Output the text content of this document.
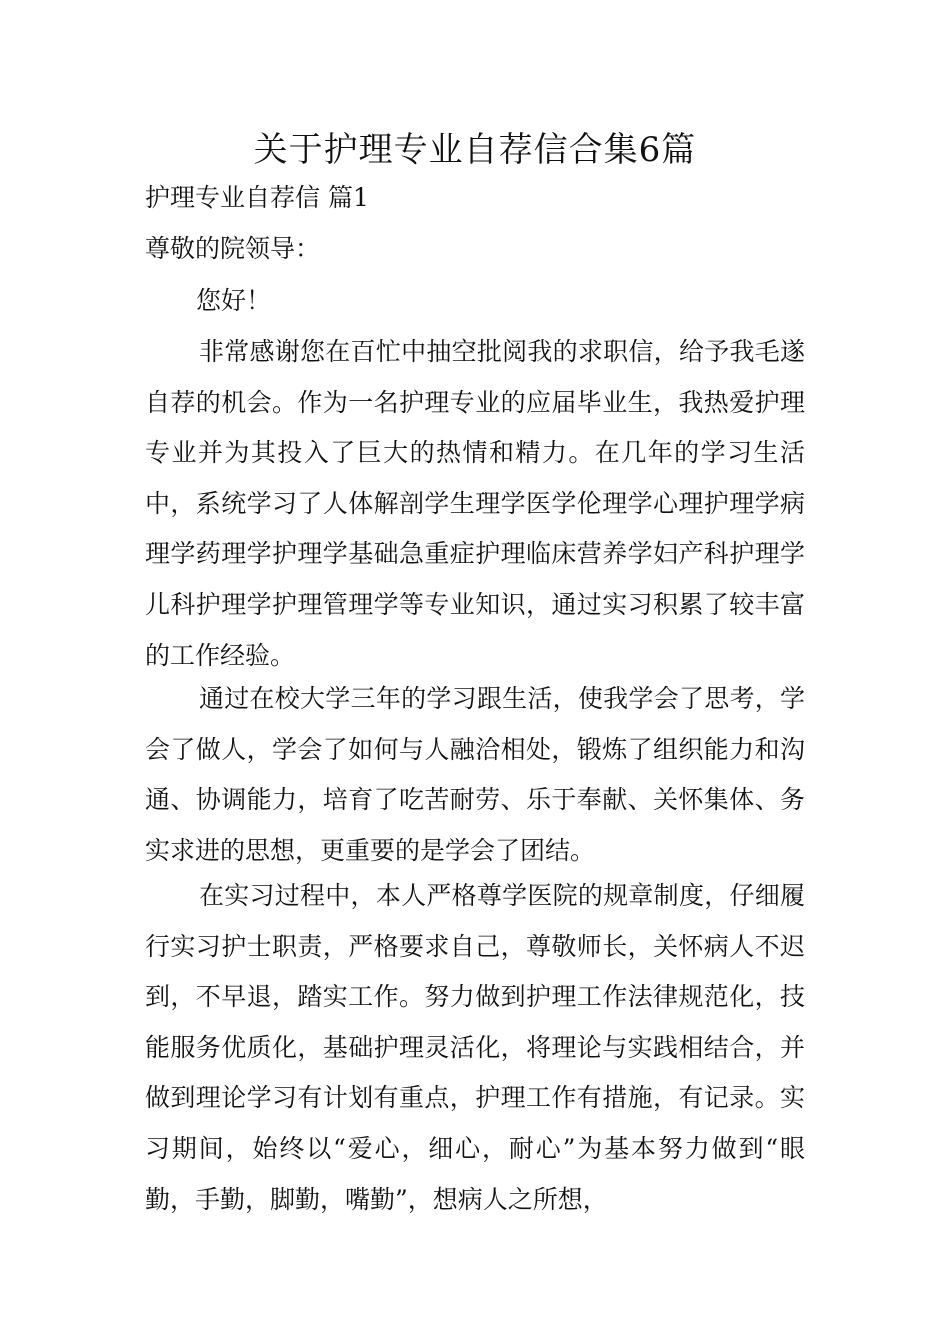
关于护理专业自荐信合集6篇

护理专业自荐信 篇1

尊敬的院领导：

您好！

非常感谢您在百忙中抽空批阅我的求职信，给予我毛遂自荐的机会。作为一名护理专业的应届毕业生，我热爱护理专业并为其投入了巨大的热情和精力。在几年的学习生活中，系统学习了人体解剖学生理学医学伦理学心理护理学病理学药理学护理学基础急重症护理临床营养学妇产科护理学儿科护理学护理管理学等专业知识，通过实习积累了较丰富的工作经验。

通过在校大学三年的学习跟生活，使我学会了思考，学会了做人，学会了如何与人融洽相处，锻炼了组织能力和沟通、协调能力，培育了吃苦耐劳、乐于奉献、关怀集体、务实求进的思想，更重要的是学会了团结。

在实习过程中，本人严格尊学医院的规章制度，仔细履行实习护士职责，严格要求自己，尊敬师长，关怀病人不迟到，不早退，踏实工作。努力做到护理工作法律规范化，技能服务优质化，基础护理灵活化，将理论与实践相结合，并做到理论学习有计划有重点，护理工作有措施，有记录。实习期间，始终以“爱心，细心，耐心”为基本努力做到“眼勤，手勤，脚勤，嘴勤”，想病人之所想，
